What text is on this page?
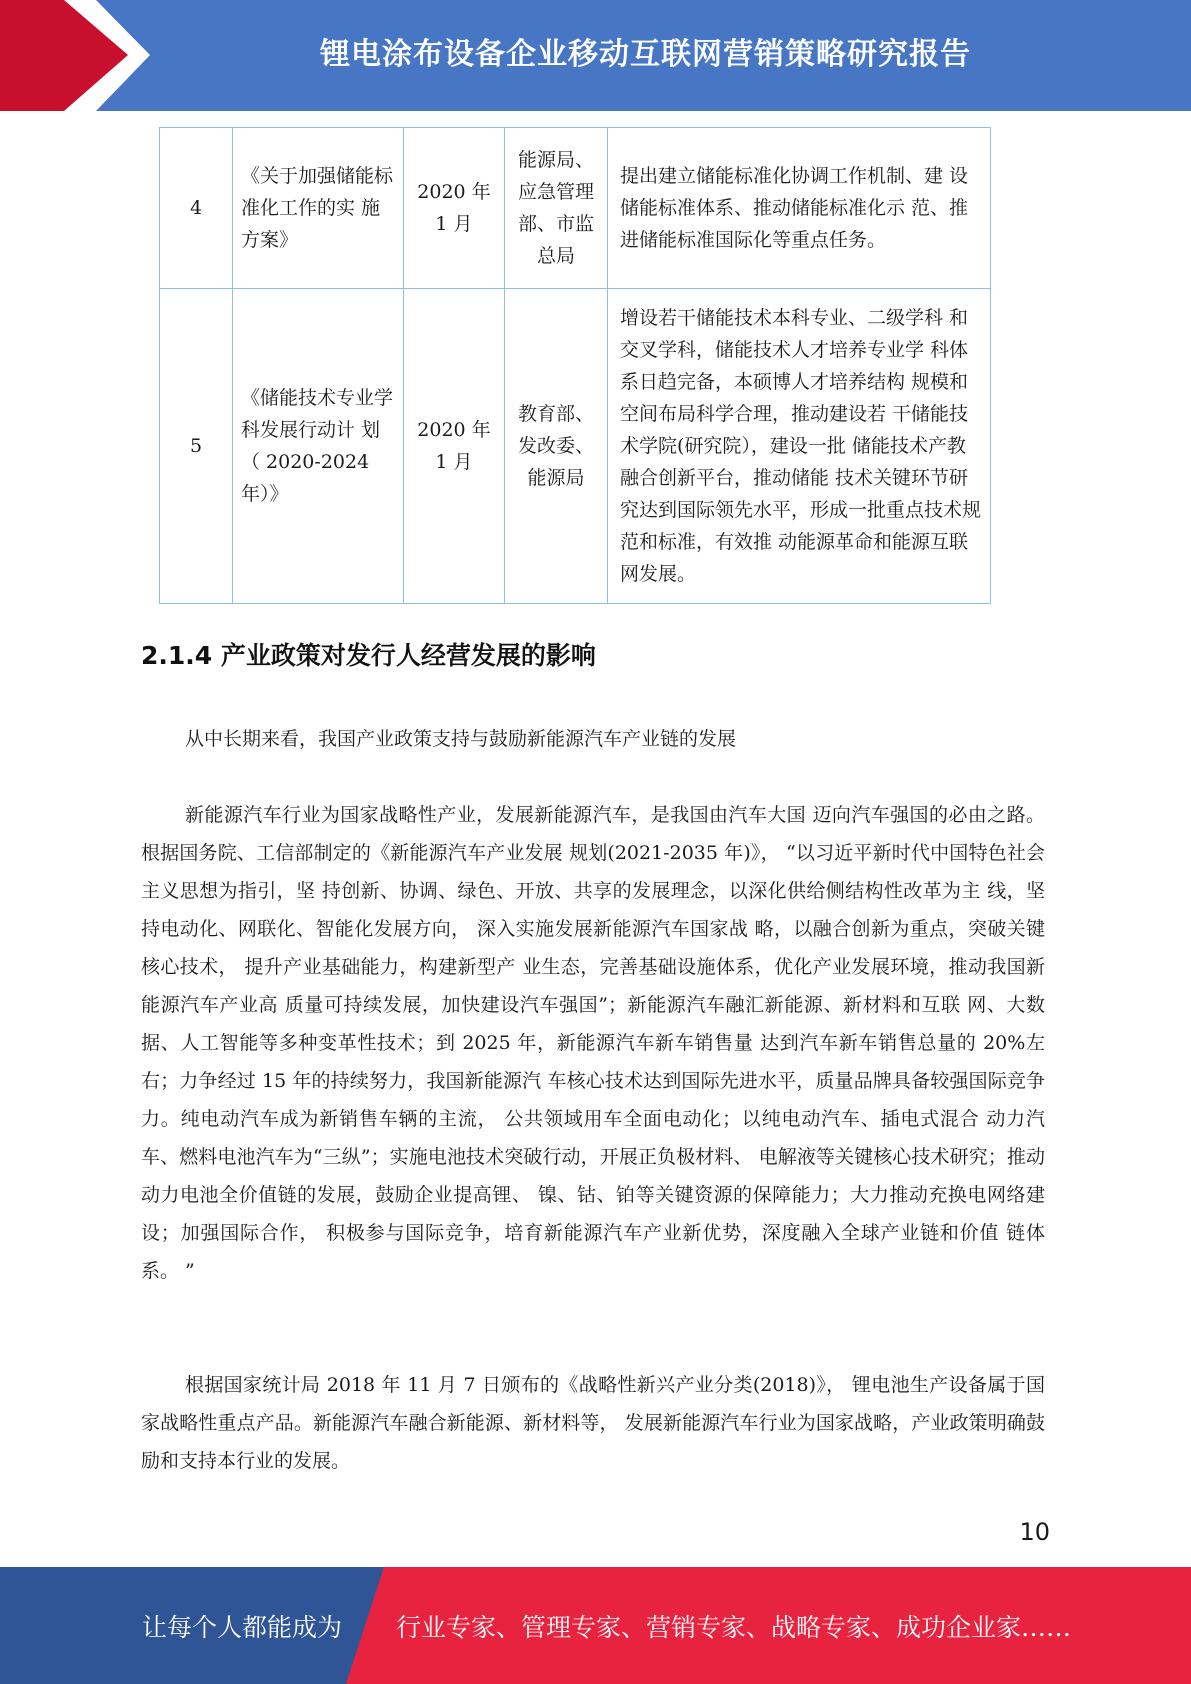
锂电涂布设备企业移动互联网营销策略研究报告
4	《关于加强储能标准化工作的实 施方案》	2020 年 1 月	能源局、应急管理部、市监总局	提出建立储能标准化协调工作机制、建 设储能标准体系、推动储能标准化示 范、推进储能标准国际化等重点任务。
5	《储能技术专业学科发展行动计 划（ 2020-2024 年）》	2020 年 1 月	教育部、发改委、能源局	增设若干储能技术本科专业、二级学科 和交叉学科，储能技术人才培养专业学 科体系日趋完备，本硕博人才培养结构 规模和空间布局科学合理，推动建设若 干储能技术学院(研究院），建设一批 储能技术产教融合创新平台，推动储能 技术关键环节研究达到国际领先水平，形成一批重点技术规范和标准，有效推 动能源革命和能源互联网发展。
2.1.4 产业政策对发行人经营发展的影响

从中长期来看，我国产业政策支持与鼓励新能源汽车产业链的发展

新能源汽车行业为国家战略性产业，发展新能源汽车，是我国由汽车大国 迈向汽车强国的必由之路。根据国务院、工信部制定的《新能源汽车产业发展 规划(2021-2035 年)》， “以习近平新时代中国特色社会主义思想为指引，坚 持创新、协调、绿色、开放、共享的发展理念，以深化供给侧结构性改革为主 线，坚持电动化、网联化、智能化发展方向， 深入实施发展新能源汽车国家战 略，以融合创新为重点，突破关键核心技术， 提升产业基础能力，构建新型产 业生态，完善基础设施体系，优化产业发展环境，推动我国新能源汽车产业高 质量可持续发展，加快建设汽车强国”；新能源汽车融汇新能源、新材料和互联 网、大数据、人工智能等多种变革性技术；到 2025 年，新能源汽车新车销售量 达到汽车新车销售总量的 20%左右；力争经过 15 年的持续努力，我国新能源汽 车核心技术达到国际先进水平，质量品牌具备较强国际竞争力。纯电动汽车成为新销售车辆的主流， 公共领域用车全面电动化；以纯电动汽车、插电式混合 动力汽车、燃料电池汽车为“三纵”；实施电池技术突破行动，开展正负极材料、 电解液等关键核心技术研究；推动动力电池全价值链的发展，鼓励企业提高锂、 镍、钴、铂等关键资源的保障能力；大力推动充换电网络建设；加强国际合作， 积极参与国际竞争，培育新能源汽车产业新优势，深度融入全球产业链和价值 链体系。 ”

根据国家统计局 2018 年 11 月 7 日颁布的《战略性新兴产业分类(2018)》， 锂电池生产设备属于国家战略性重点产品。新能源汽车融合新能源、新材料等， 发展新能源汽车行业为国家战略，产业政策明确鼓励和支持本行业的发展。

10
让每个人都能成为 行业专家、管理专家、营销专家、战略专家、成功企业家……
